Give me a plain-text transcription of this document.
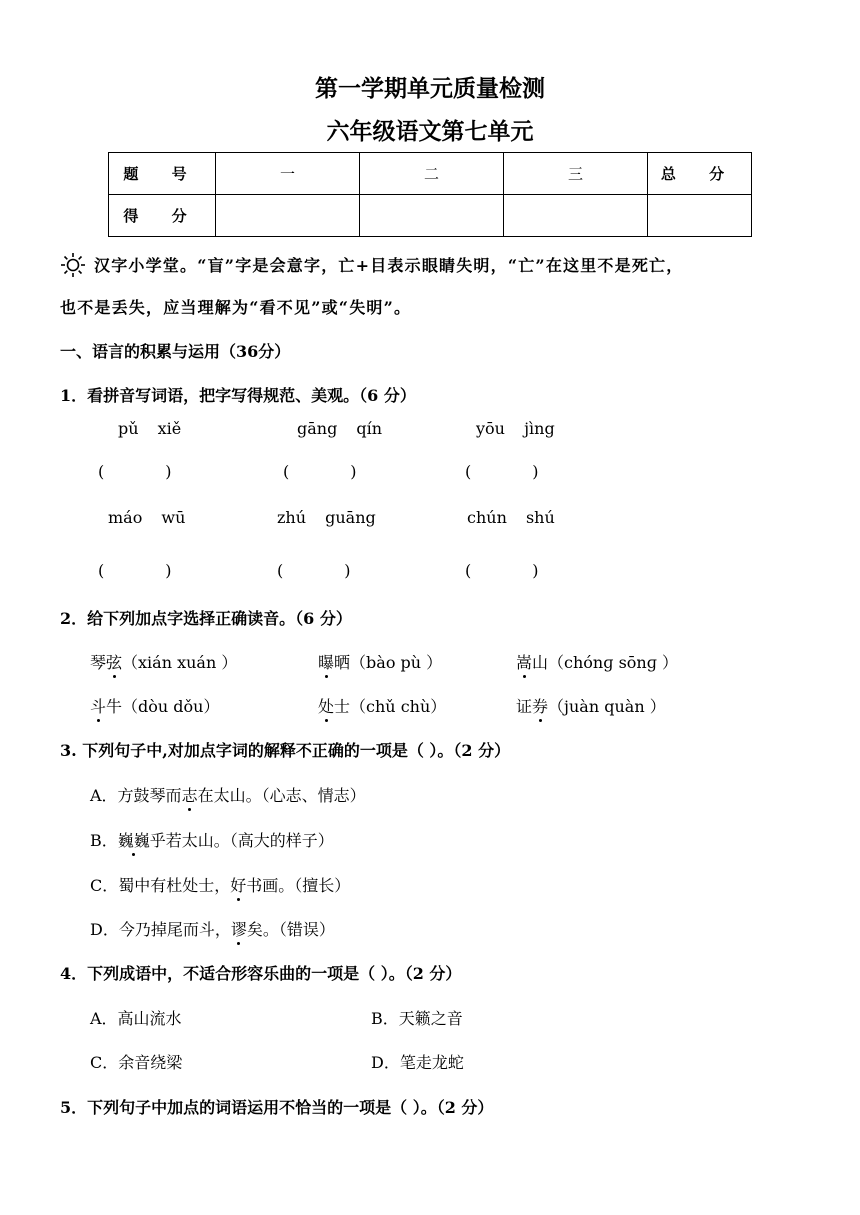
第一学期单元质量检测
六年级语文第七单元
题 号	一	二	三	总 分
得 分				
汉字小学堂。“盲”字是会意字，亡+目表示眼睛失明，“亡”在这里不是死亡，
也不是丢失，应当理解为“看不见”或“失明”。
一、语言的积累与运用（36分）
1．看拼音写词语，把字写得规范、美观。（6 分）
pǔ xiě	gāng qín	yōu jìng
(            )	(            )	(            )
máo wū	zhú guāng	chún shú
(            )	(            )	(            )
2．给下列加点字选择正确读音。（6 分）
琴弦（xián xuán ）	曝晒（bào pù ）	嵩山（chónɡ sōnɡ ）
斗牛（dòu dǒu）	处士（chǔ chù）	证券（juàn quàn ）
3. 下列句子中,对加点字词的解释不正确的一项是（ ）。（2 分）
A．方鼓琴而志在太山。（心志、情志）
B．巍巍乎若太山。（高大的样子）
C．蜀中有杜处士，好书画。（擅长）
D．今乃掉尾而斗，谬矣。（错误）
4．下列成语中，不适合形容乐曲的一项是（ ）。（2 分）
A．高山流水	B．天籁之音
C．余音绕梁	D．笔走龙蛇
5．下列句子中加点的词语运用不恰当的一项是（ ）。（2 分）
